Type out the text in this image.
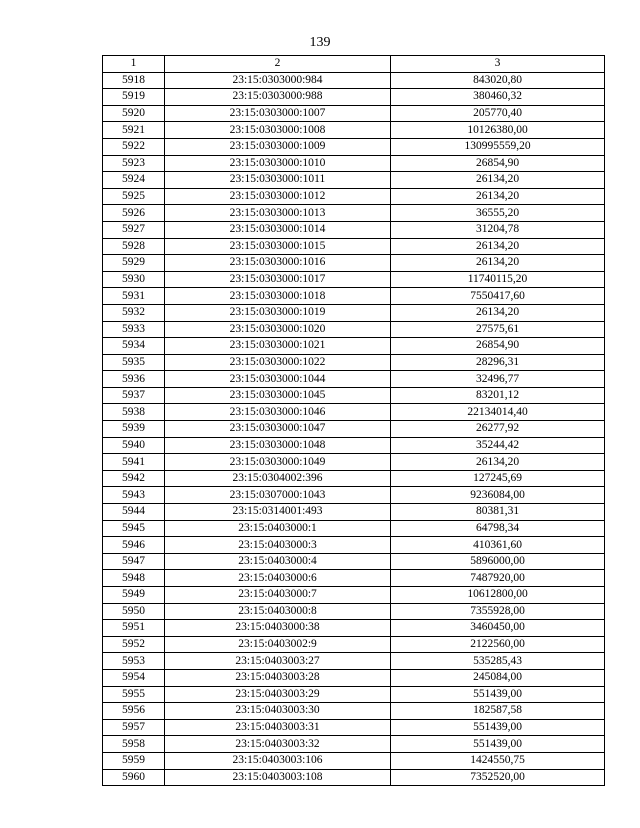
139
1	2	3
5918	23:15:0303000:984	843020,80
5919	23:15:0303000:988	380460,32
5920	23:15:0303000:1007	205770,40
5921	23:15:0303000:1008	10126380,00
5922	23:15:0303000:1009	130995559,20
5923	23:15:0303000:1010	26854,90
5924	23:15:0303000:1011	26134,20
5925	23:15:0303000:1012	26134,20
5926	23:15:0303000:1013	36555,20
5927	23:15:0303000:1014	31204,78
5928	23:15:0303000:1015	26134,20
5929	23:15:0303000:1016	26134,20
5930	23:15:0303000:1017	11740115,20
5931	23:15:0303000:1018	7550417,60
5932	23:15:0303000:1019	26134,20
5933	23:15:0303000:1020	27575,61
5934	23:15:0303000:1021	26854,90
5935	23:15:0303000:1022	28296,31
5936	23:15:0303000:1044	32496,77
5937	23:15:0303000:1045	83201,12
5938	23:15:0303000:1046	22134014,40
5939	23:15:0303000:1047	26277,92
5940	23:15:0303000:1048	35244,42
5941	23:15:0303000:1049	26134,20
5942	23:15:0304002:396	127245,69
5943	23:15:0307000:1043	9236084,00
5944	23:15:0314001:493	80381,31
5945	23:15:0403000:1	64798,34
5946	23:15:0403000:3	410361,60
5947	23:15:0403000:4	5896000,00
5948	23:15:0403000:6	7487920,00
5949	23:15:0403000:7	10612800,00
5950	23:15:0403000:8	7355928,00
5951	23:15:0403000:38	3460450,00
5952	23:15:0403002:9	2122560,00
5953	23:15:0403003:27	535285,43
5954	23:15:0403003:28	245084,00
5955	23:15:0403003:29	551439,00
5956	23:15:0403003:30	182587,58
5957	23:15:0403003:31	551439,00
5958	23:15:0403003:32	551439,00
5959	23:15:0403003:106	1424550,75
5960	23:15:0403003:108	7352520,00
